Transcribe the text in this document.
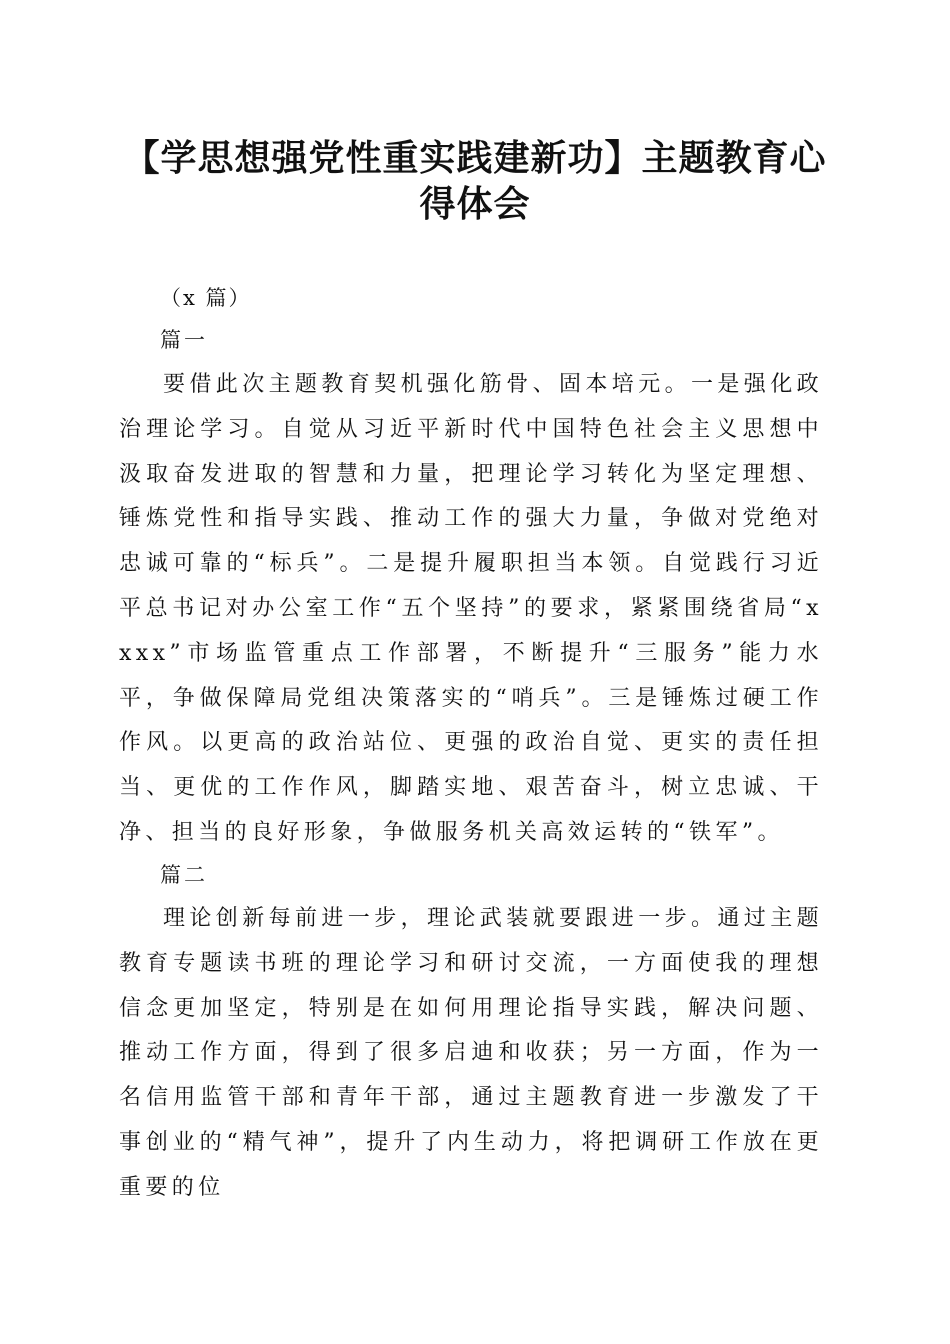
【学思想强党性重实践建新功】主题教育心得体会
（x 篇）
篇一

要借此次主题教育契机强化筋骨、固本培元。一是强化政治理论学习。自觉从习近平新时代中国特色社会主义思想中汲取奋发进取的智慧和力量，把理论学习转化为坚定理想、锤炼党性和指导实践、推动工作的强大力量，争做对党绝对忠诚可靠的“标兵”。二是提升履职担当本领。自觉践行习近平总书记对办公室工作“五个坚持”的要求，紧紧围绕省局“xxxx”市场监管重点工作部署，不断提升“三服务”能力水平，争做保障局党组决策落实的“哨兵”。三是锤炼过硬工作作风。以更高的政治站位、更强的政治自觉、更实的责任担当、更优的工作作风，脚踏实地、艰苦奋斗，树立忠诚、干净、担当的良好形象，争做服务机关高效运转的“铁军”。

篇二

理论创新每前进一步，理论武装就要跟进一步。通过主题教育专题读书班的理论学习和研讨交流，一方面使我的理想信念更加坚定，特别是在如何用理论指导实践，解决问题、推动工作方面，得到了很多启迪和收获；另一方面，作为一名信用监管干部和青年干部，通过主题教育进一步激发了干事创业的“精气神”，提升了内生动力，将把调研工作放在更重要的位
